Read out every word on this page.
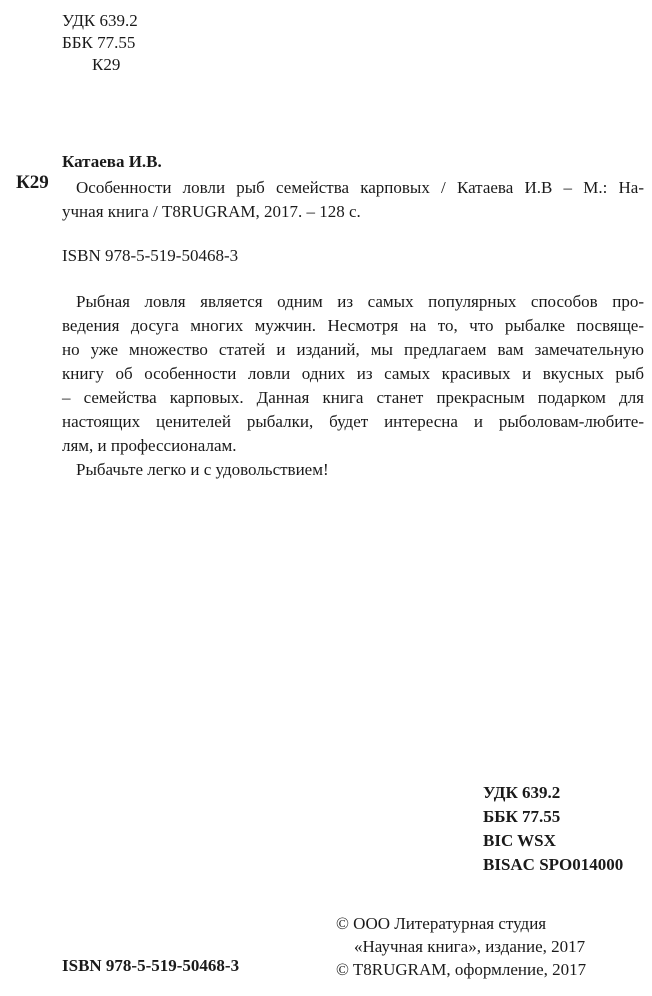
УДК 639.2
ББК 77.55
К29
К29
Катаева И.В.
Особенности ловли рыб семейства карповых / Катаева И.В – М.: На-
учная книга / T8RUGRAM, 2017. – 128 с.
ISBN 978-5-519-50468-3
Рыбная ловля является одним из самых популярных способов про-
ведения досуга многих мужчин. Несмотря на то, что рыбалке посвяще-
но уже множество статей и изданий, мы предлагаем вам замечательную
книгу об особенности ловли одних из самых красивых и вкусных рыб
– семейства карповых. Данная книга станет прекрасным подарком для
настоящих ценителей рыбалки, будет интересна и рыболовам-любите-
лям, и профессионалам.
Рыбачьте легко и с удовольствием!
УДК 639.2
ББК 77.55
BIC WSX
BISAC SPO014000
ISBN 978-5-519-50468-3
© ООО Литературная студия
«Научная книга», издание, 2017
© T8RUGRAM, оформление, 2017
